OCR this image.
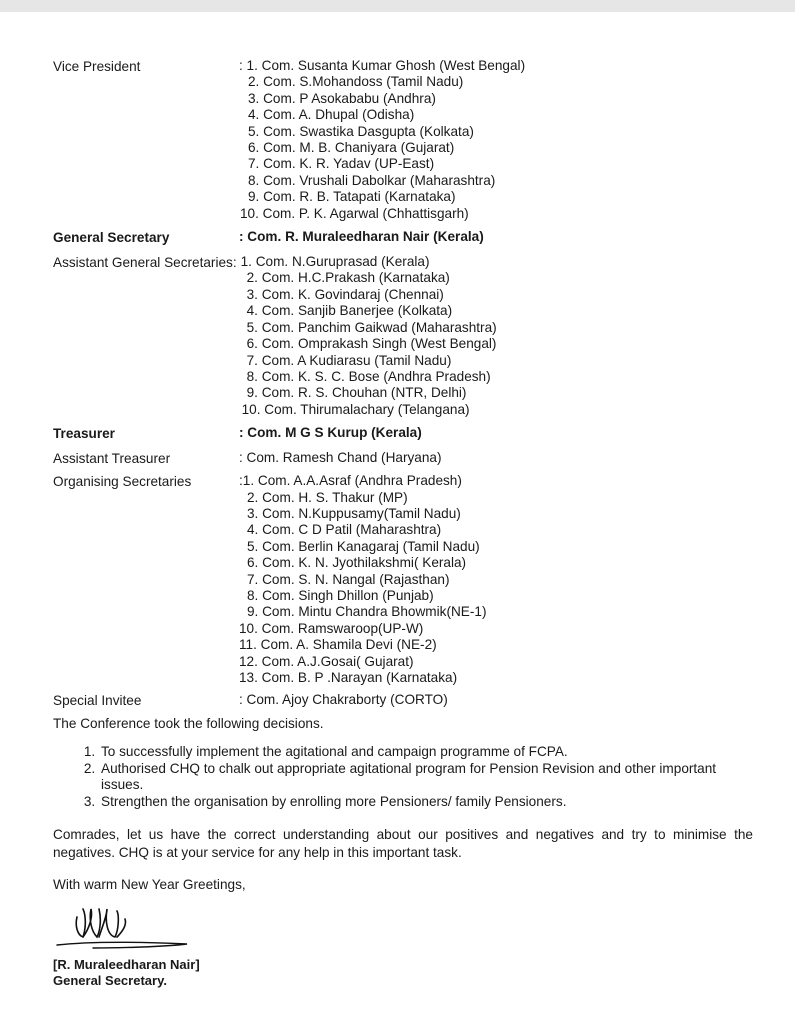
Vice President	: 1. Com. Susanta Kumar Ghosh (West Bengal)
2. Com. S.Mohandoss (Tamil Nadu)
3. Com. P Asokababu (Andhra)
4. Com. A. Dhupal (Odisha)
5. Com. Swastika Dasgupta (Kolkata)
6. Com. M. B. Chaniyara (Gujarat)
7. Com. K. R. Yadav (UP-East)
8. Com. Vrushali Dabolkar (Maharashtra)
9. Com. R. B. Tatapati (Karnataka)
10. Com. P. K. Agarwal (Chhattisgarh)
General Secretary	: Com. R. Muraleedharan Nair (Kerala)
Assistant General Secretaries: 1. Com. N.Guruprasad (Kerala)
2. Com. H.C.Prakash (Karnataka)
3. Com. K. Govindaraj (Chennai)
4. Com. Sanjib Banerjee (Kolkata)
5. Com. Panchim Gaikwad (Maharashtra)
6. Com. Omprakash Singh (West Bengal)
7. Com. A Kudiarasu (Tamil Nadu)
8. Com. K. S. C. Bose (Andhra Pradesh)
9. Com. R. S. Chouhan (NTR, Delhi)
10. Com. Thirumalachary (Telangana)
Treasurer	: Com. M G S Kurup (Kerala)
Assistant Treasurer	: Com. Ramesh Chand (Haryana)
Organising Secretaries	:1. Com. A.A.Asraf (Andhra Pradesh)
2. Com. H. S. Thakur (MP)
3. Com. N.Kuppusamy(Tamil Nadu)
4. Com. C D Patil (Maharashtra)
5. Com. Berlin Kanagaraj (Tamil Nadu)
6. Com. K. N. Jyothilakshmi( Kerala)
7. Com. S. N. Nangal (Rajasthan)
8. Com. Singh Dhillon (Punjab)
9. Com. Mintu Chandra Bhowmik(NE-1)
10. Com. Ramswaroop(UP-W)
11. Com. A. Shamila Devi (NE-2)
12. Com. A.J.Gosai( Gujarat)
13. Com. B. P .Narayan (Karnataka)
Special Invitee	: Com. Ajoy Chakraborty (CORTO)
The Conference took the following decisions.
1. To successfully implement the agitational and campaign programme of FCPA.
2. Authorised CHQ to chalk out appropriate agitational program for Pension Revision and other important issues.
3. Strengthen the organisation by enrolling more Pensioners/ family Pensioners.
Comrades, let us have the correct understanding about our positives and negatives and try to minimise the negatives. CHQ is at your service for any help in this important task.
With warm New Year Greetings,
[R. Muraleedharan Nair]
General Secretary.
